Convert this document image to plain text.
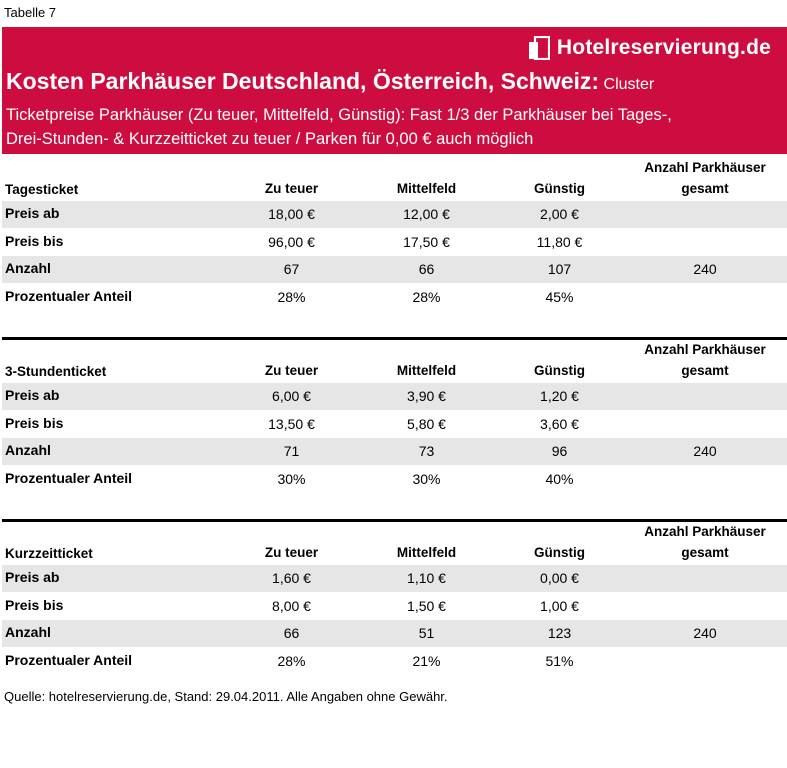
Tabelle 7
Hotelreservierung.de
Kosten Parkhäuser Deutschland, Österreich, Schweiz: Cluster
Ticketpreise Parkhäuser (Zu teuer, Mittelfeld, Günstig): Fast 1/3 der Parkhäuser bei Tages-,
Drei-Stunden- & Kurzzeitticket zu teuer / Parken für 0,00 € auch möglich
Tagesticket	Zu teuer	Mittelfeld	Günstig
Anzahl Parkhäuser
gesamt
Preis ab	18,00 €	12,00 €	2,00 €
Preis bis	96,00 €	17,50 €	11,80 €
Anzahl	67	66	107	240
Prozentualer Anteil	28%	28%	45%
3-Stundenticket	Zu teuer	Mittelfeld	Günstig
Anzahl Parkhäuser
gesamt
Preis ab	6,00 €	3,90 €	1,20 €
Preis bis	13,50 €	5,80 €	3,60 €
Anzahl	71	73	96	240
Prozentualer Anteil	30%	30%	40%
Kurzzeitticket	Zu teuer	Mittelfeld	Günstig
Anzahl Parkhäuser
gesamt
Preis ab	1,60 €	1,10 €	0,00 €
Preis bis	8,00 €	1,50 €	1,00 €
Anzahl	66	51	123	240
Prozentualer Anteil	28%	21%	51%
Quelle: hotelreservierung.de, Stand: 29.04.2011. Alle Angaben ohne Gewähr.
